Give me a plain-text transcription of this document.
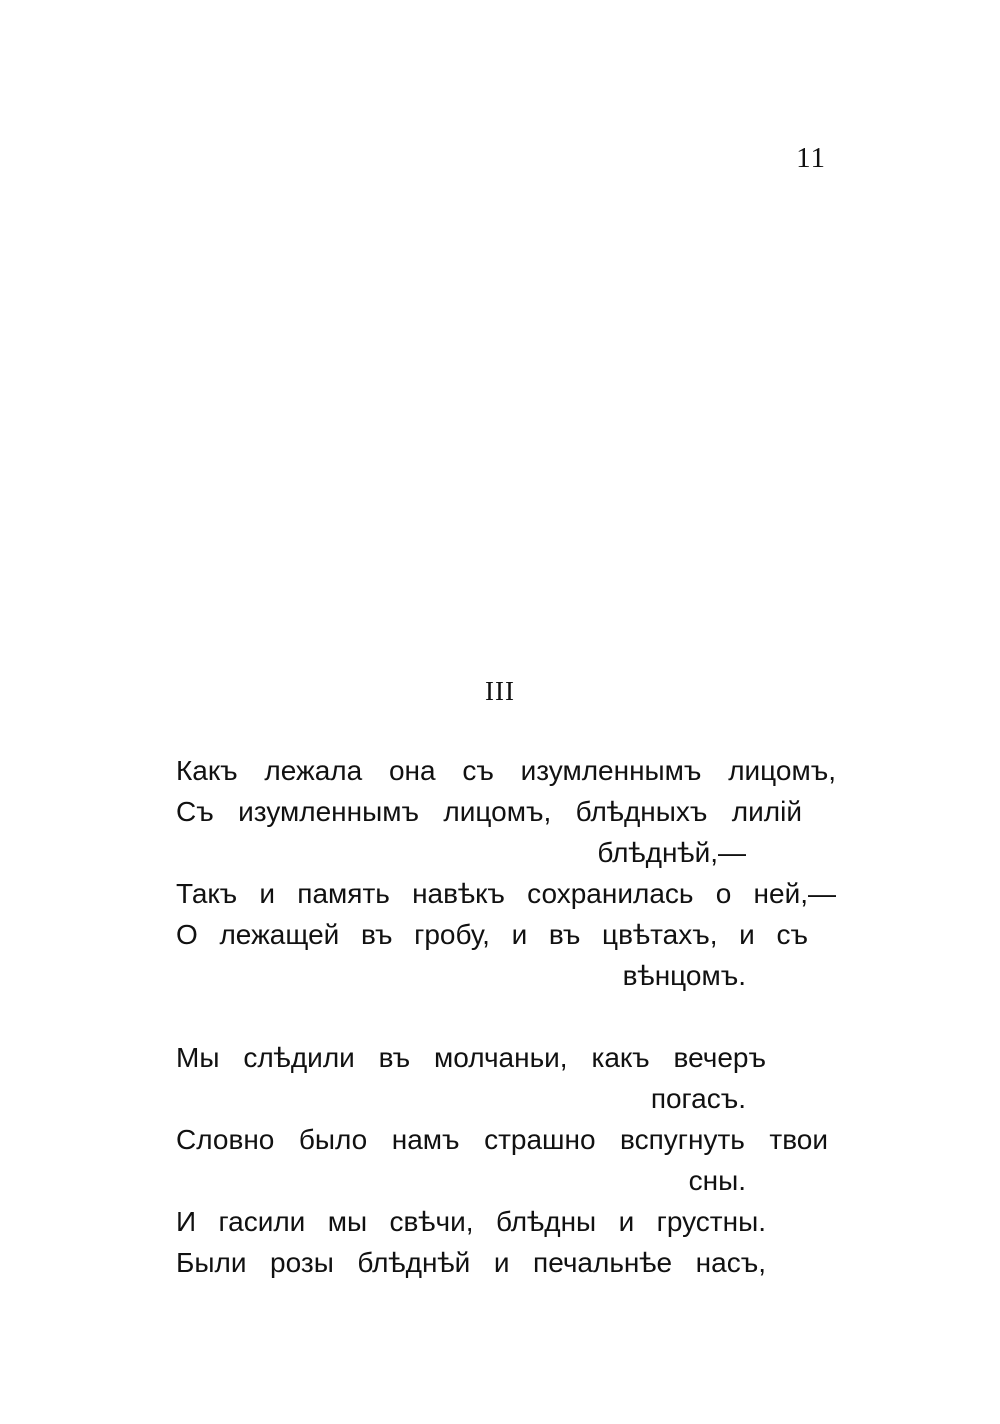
11
III
Какъ лежала она съ изумленнымъ лицомъ,
Съ изумленнымъ лицомъ, блѣдныхъ лилій
блѣднѣй,—
Такъ и память навѣкъ сохранилась о ней,—
О лежащей въ гробу, и въ цвѣтахъ, и съ
вѣнцомъ.
Мы слѣдили въ молчаньи, какъ вечеръ
погасъ.
Словно было намъ страшно вспугнуть твои
сны.
И гасили мы свѣчи, блѣдны и грустны.
Были розы блѣднѣй и печальнѣе насъ,
